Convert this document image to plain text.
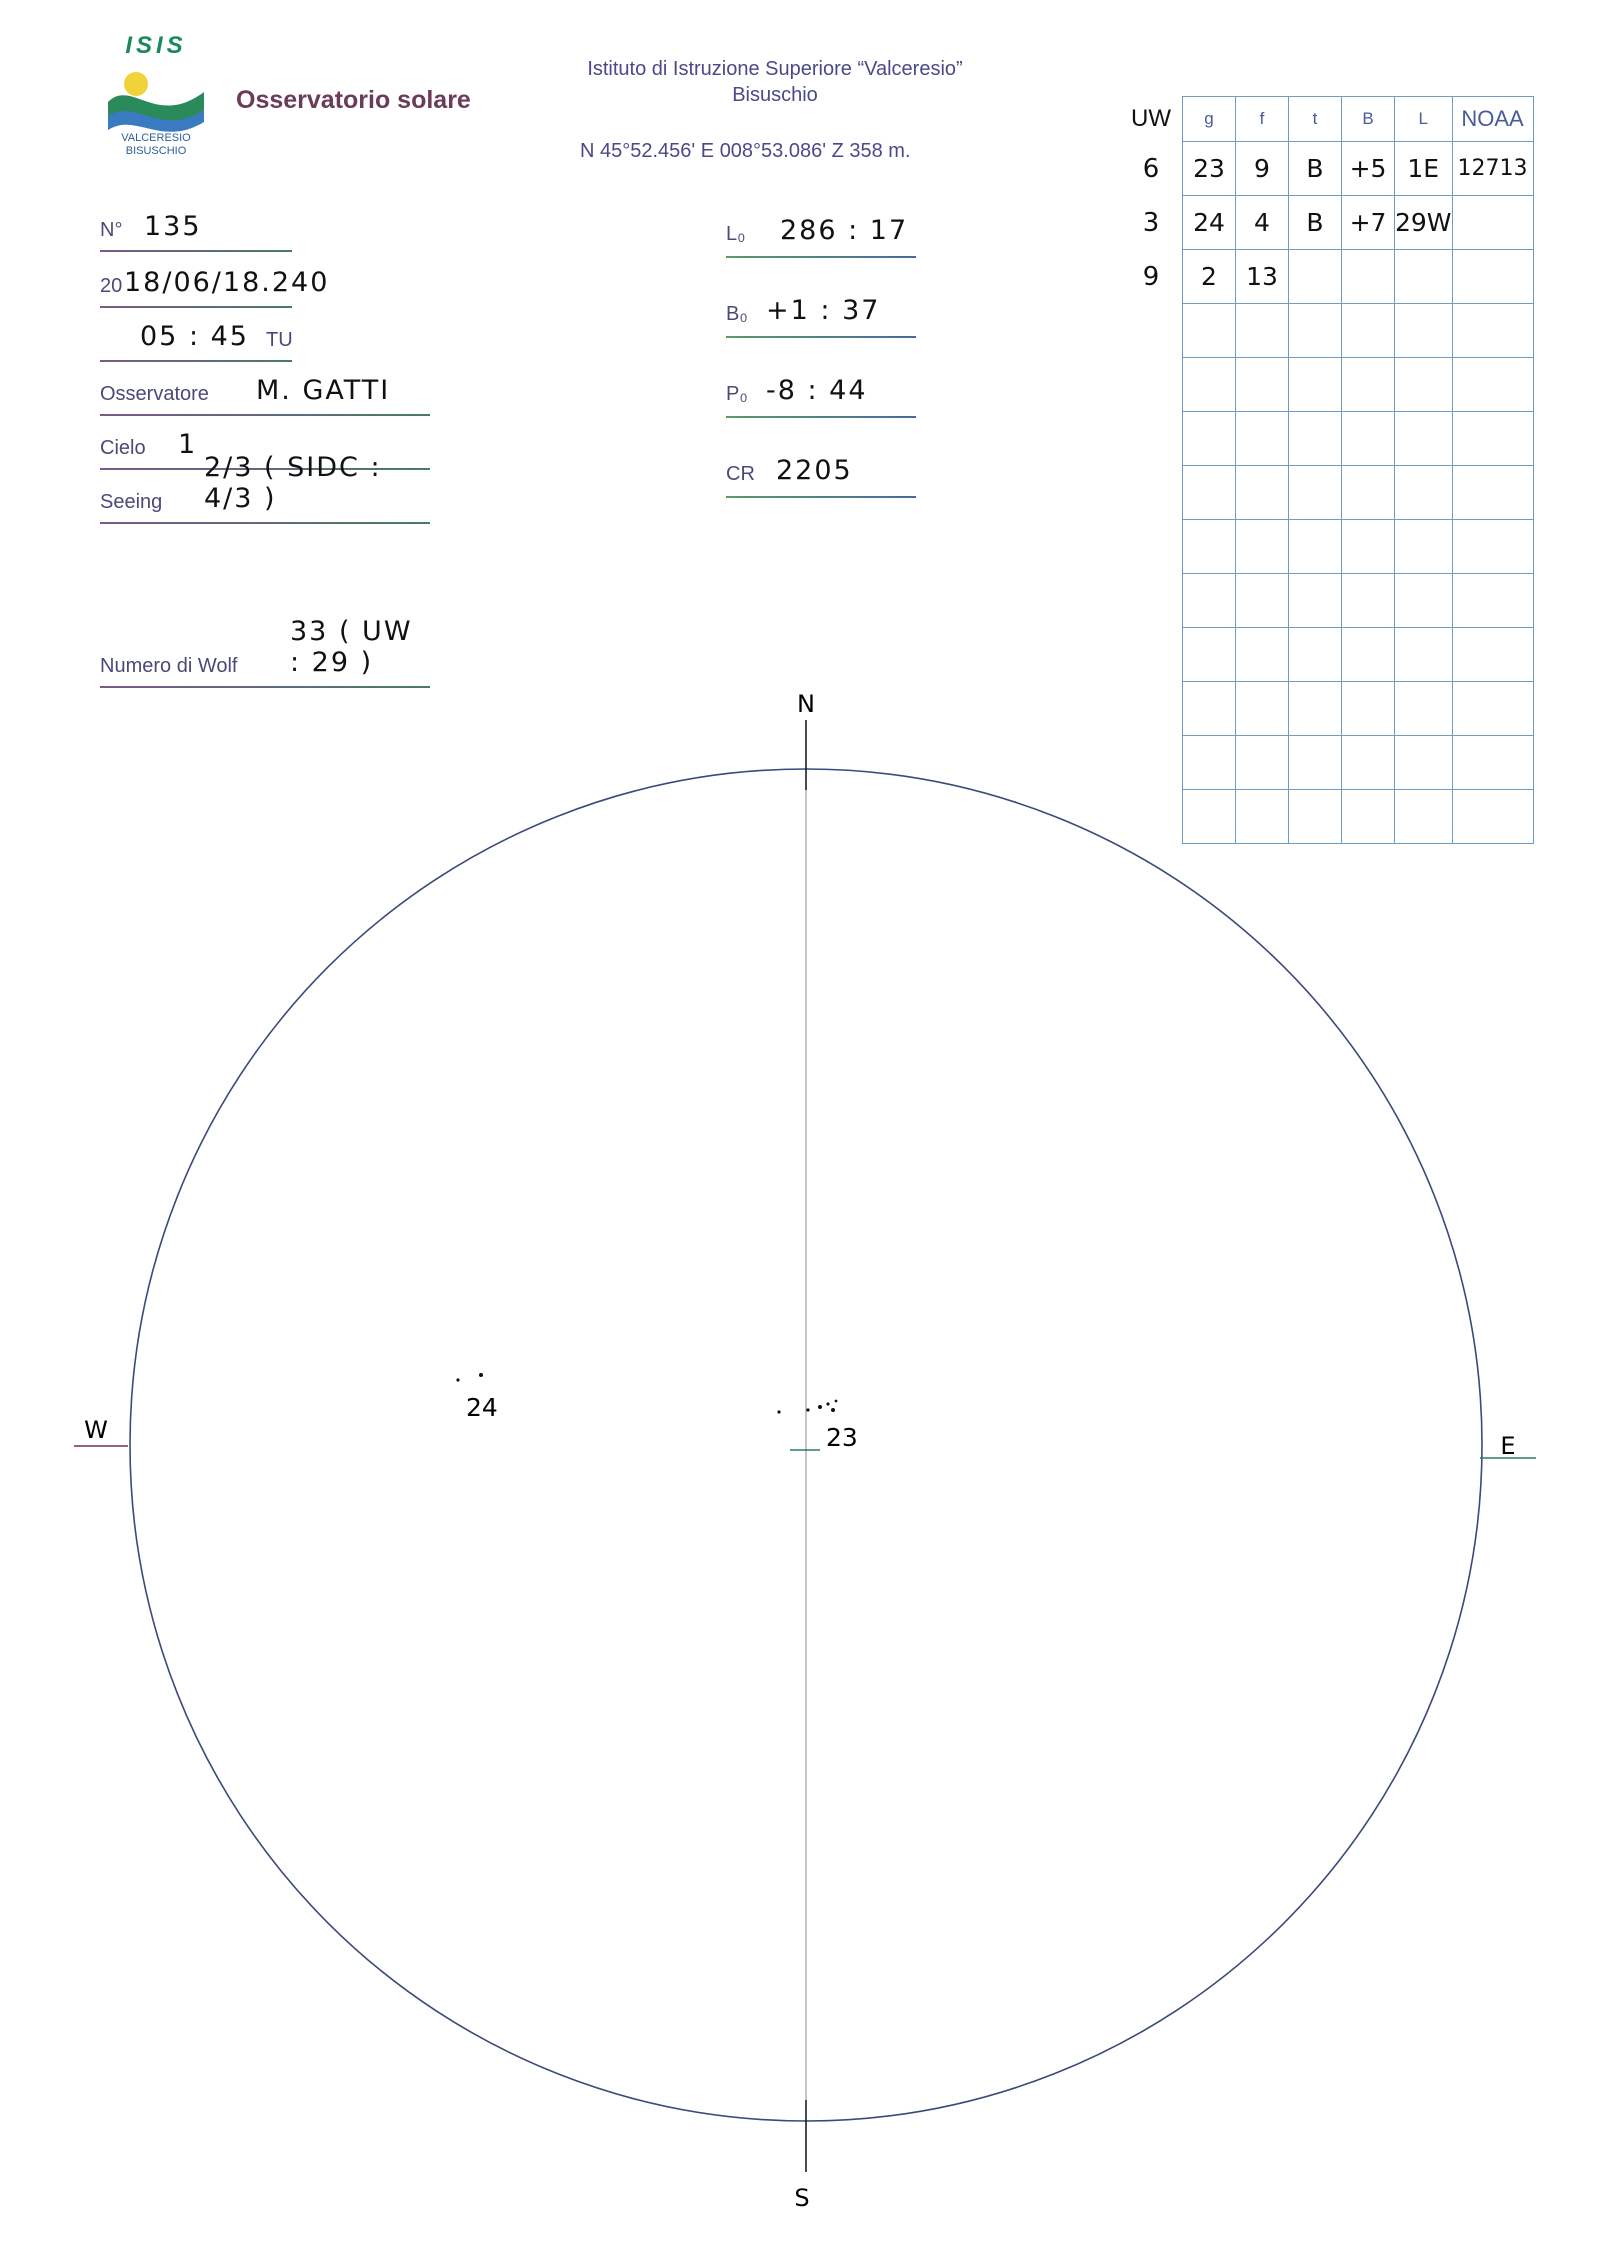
ISIS
VALCERESIO
BISUSCHIO
Osservatorio solare
Istituto di Istruzione Superiore “Valceresio”
Bisuschio
N 45°52.456' E 008°53.086' Z 358 m.
N° 135
20 18/06/18.240
05 : 45 TU
Osservatore M. GATTI
Cielo 1
Seeing
2/3 ( SIDC : 4/3 )
Numero di Wolf
33 ( UW : 29 )
L₀ 286 : 17
B₀ +1 : 37
P₀ -8 : 44
CR 2205
UW	g	f	t	B	L	NOAA
6	23	9	B	+5	1E	12713
3	24	4	B	+7	29W	
9	2	13				

N
S
W
E
23
24
